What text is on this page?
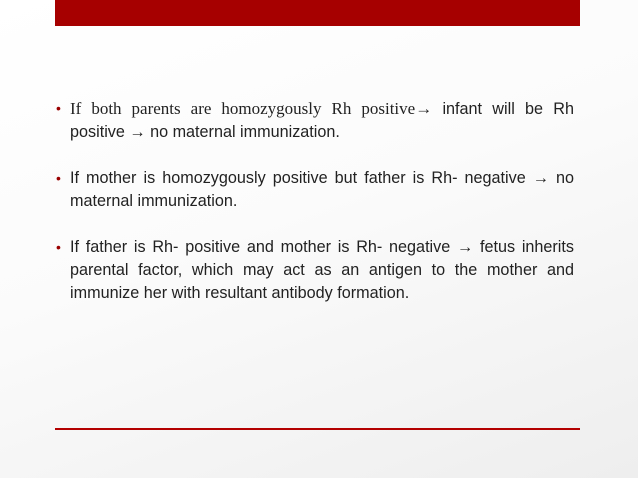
• If both parents are homozygously Rh positive→ infant will be Rh positive → no maternal immunization.
• If mother is homozygously positive but father is Rh- negative → no maternal immunization.
• If father is Rh- positive and mother is Rh- negative → fetus inherits parental factor, which may act as an antigen to the mother and immunize her with resultant antibody formation.
